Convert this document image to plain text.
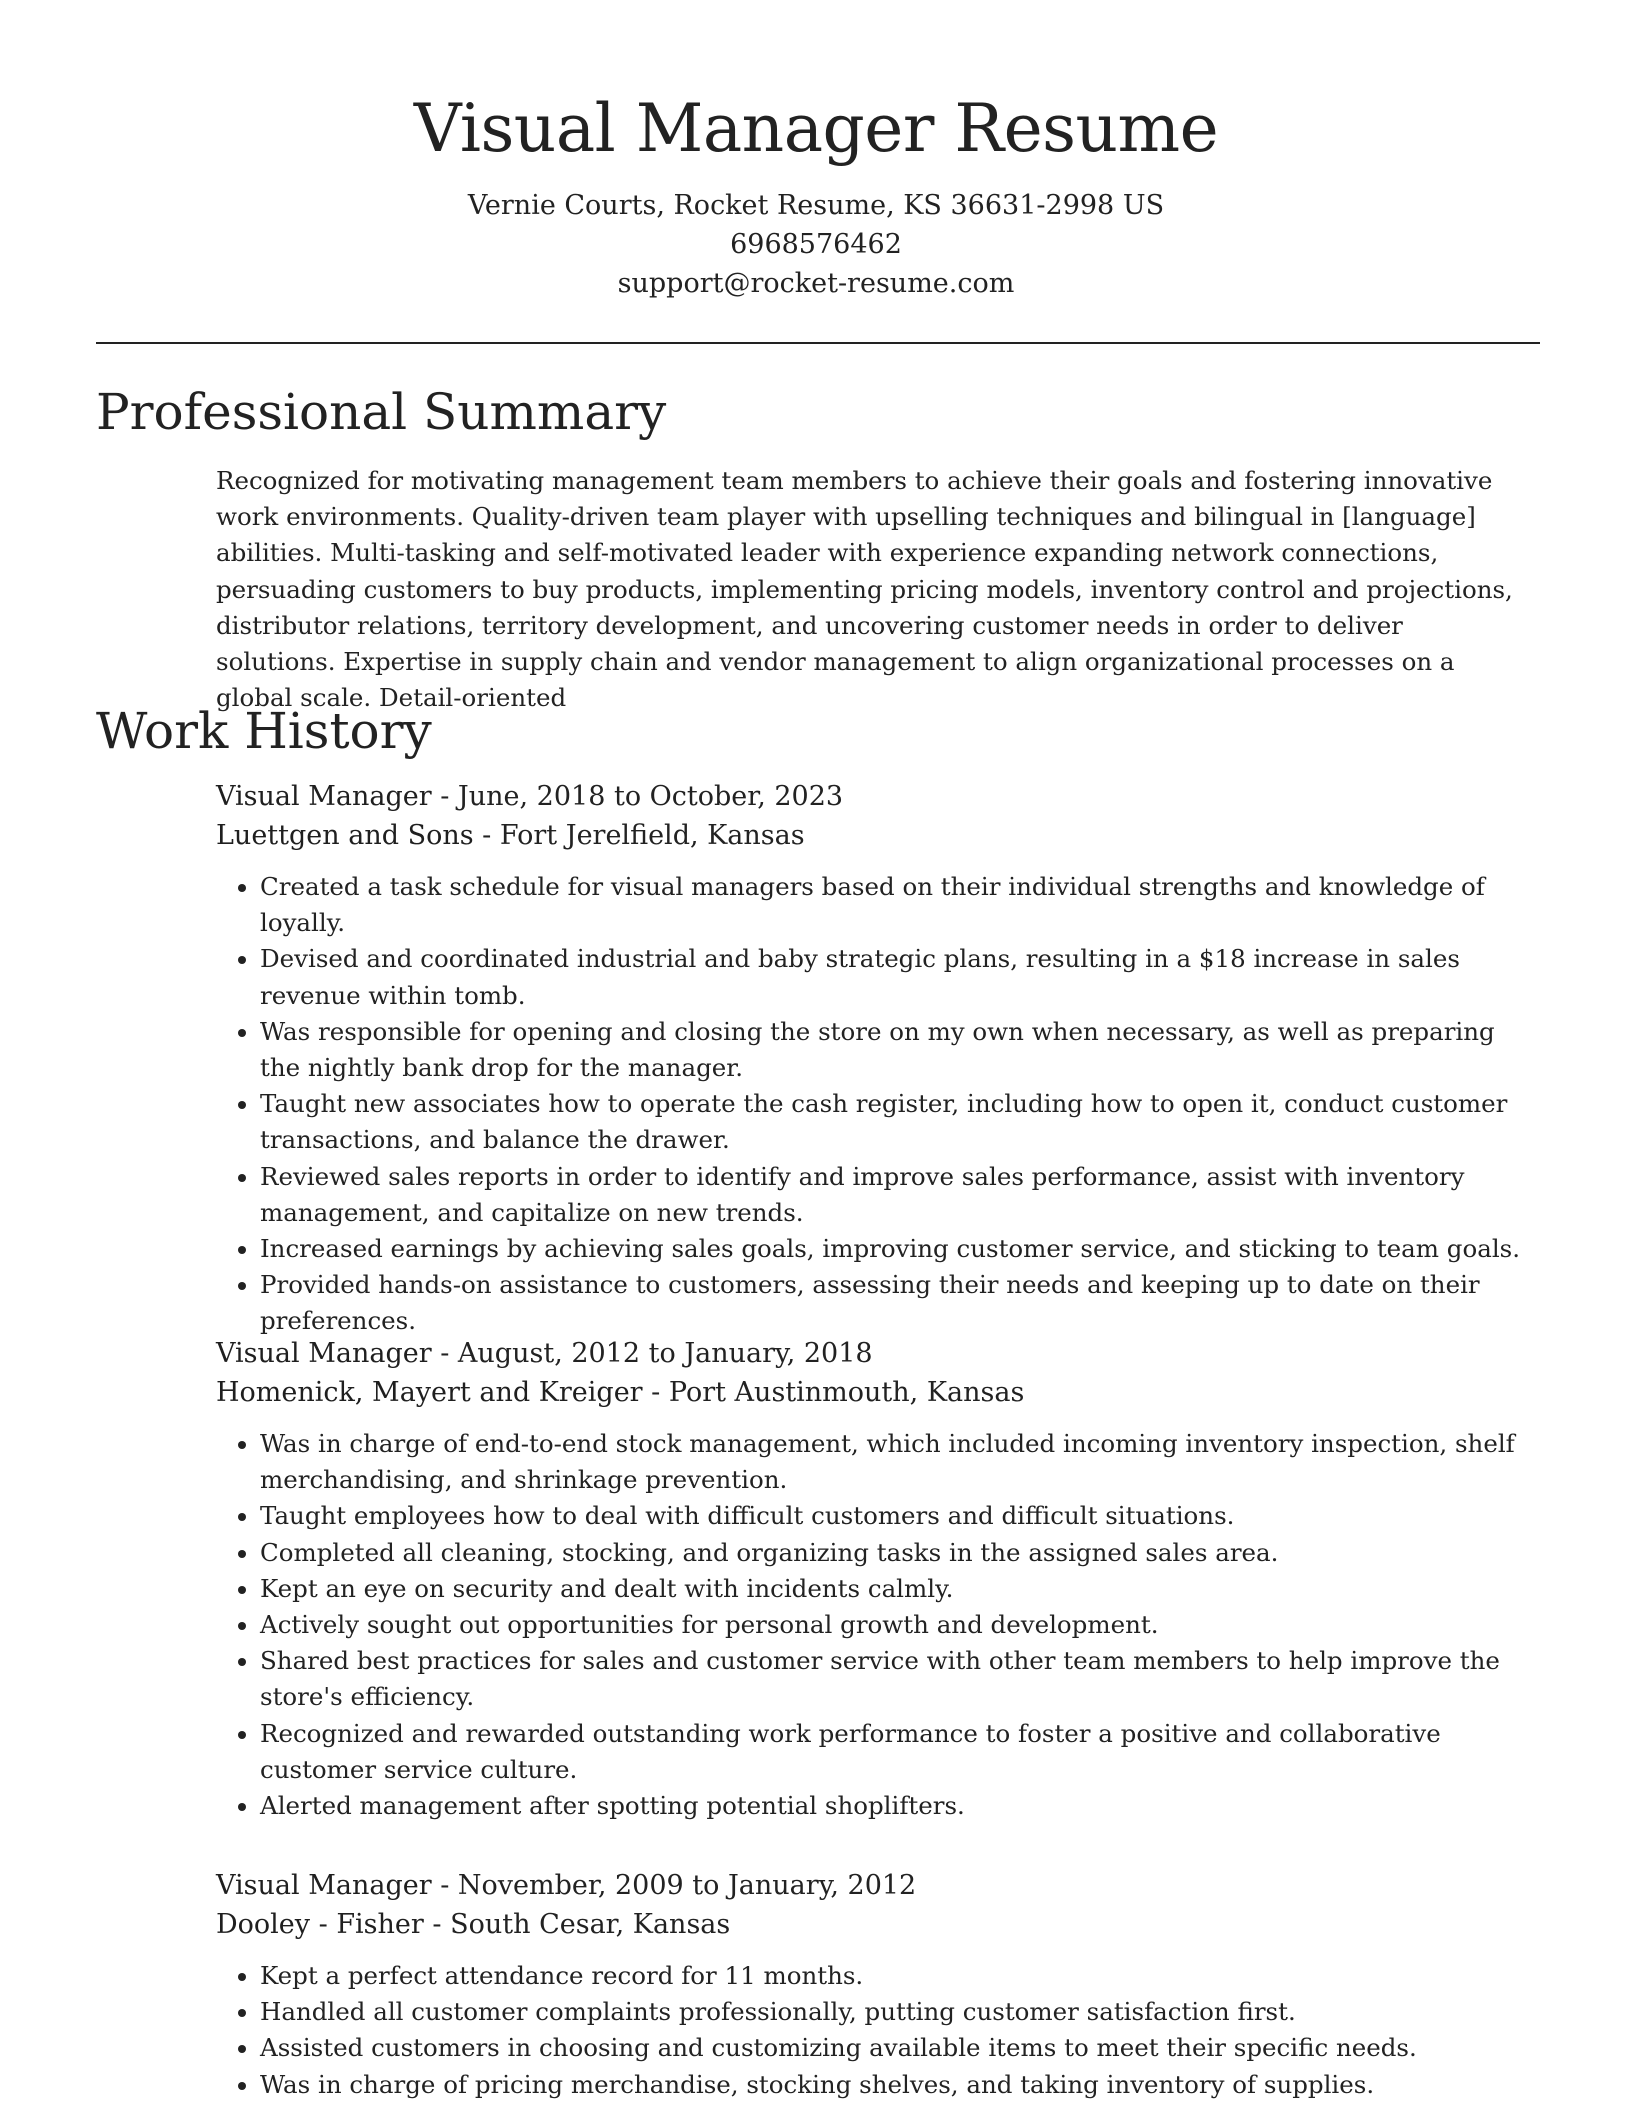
Visual Manager Resume

Vernie Courts, Rocket Resume, KS 36631-2998 US

6968576462

support@rocket-resume.com

Professional Summary

Recognized for motivating management team members to achieve their goals and fostering innovative work environments. Quality-driven team player with upselling techniques and bilingual in [language] abilities. Multi-tasking and self-motivated leader with experience expanding network connections, persuading customers to buy products, implementing pricing models, inventory control and projections, distributor relations, territory development, and uncovering customer needs in order to deliver solutions. Expertise in supply chain and vendor management to align organizational processes on a global scale. Detail-oriented

Work History

Visual Manager - June, 2018 to October, 2023

Luettgen and Sons - Fort Jerelfield, Kansas

• Created a task schedule for visual managers based on their individual strengths and knowledge of loyally.
• Devised and coordinated industrial and baby strategic plans, resulting in a $18 increase in sales revenue within tomb.
• Was responsible for opening and closing the store on my own when necessary, as well as preparing the nightly bank drop for the manager.
• Taught new associates how to operate the cash register, including how to open it, conduct customer transactions, and balance the drawer.
• Reviewed sales reports in order to identify and improve sales performance, assist with inventory management, and capitalize on new trends.
• Increased earnings by achieving sales goals, improving customer service, and sticking to team goals.
• Provided hands-on assistance to customers, assessing their needs and keeping up to date on their preferences.

Visual Manager - August, 2012 to January, 2018

Homenick, Mayert and Kreiger - Port Austinmouth, Kansas

• Was in charge of end-to-end stock management, which included incoming inventory inspection, shelf merchandising, and shrinkage prevention.
• Taught employees how to deal with difficult customers and difficult situations.
• Completed all cleaning, stocking, and organizing tasks in the assigned sales area.
• Kept an eye on security and dealt with incidents calmly.
• Actively sought out opportunities for personal growth and development.
• Shared best practices for sales and customer service with other team members to help improve the store's efficiency.
• Recognized and rewarded outstanding work performance to foster a positive and collaborative customer service culture.
• Alerted management after spotting potential shoplifters.

Visual Manager - November, 2009 to January, 2012

Dooley - Fisher - South Cesar, Kansas

• Kept a perfect attendance record for 11 months.
• Handled all customer complaints professionally, putting customer satisfaction first.
• Assisted customers in choosing and customizing available items to meet their specific needs.
• Was in charge of pricing merchandise, stocking shelves, and taking inventory of supplies.
